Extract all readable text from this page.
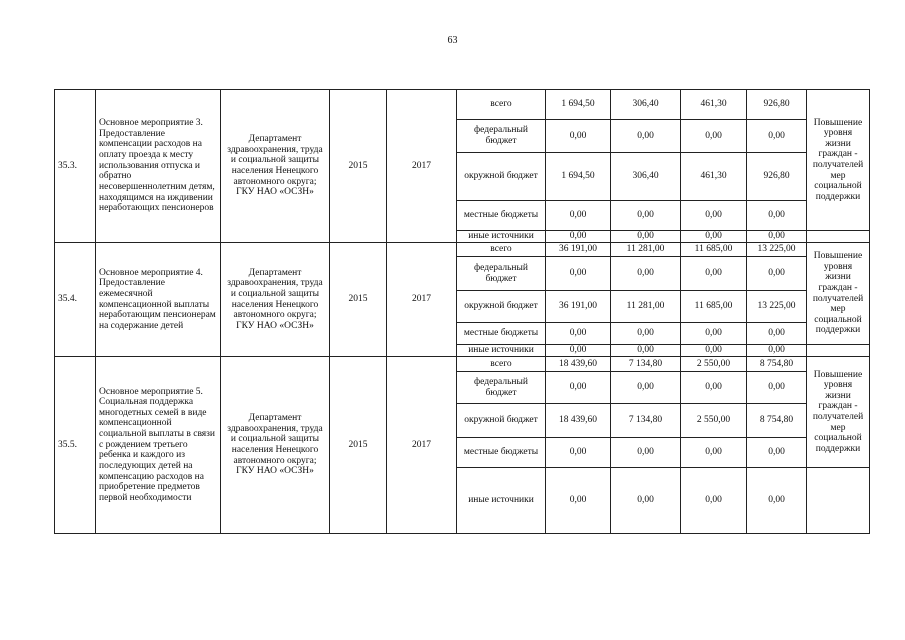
63
35.3.	Основное мероприятие 3. Предоставление компенсации расходов на оплату проезда к месту использования отпуска и обратно несовершеннолетним детям, находящимся на иждивении неработающих пенсионеров	Департамент здравоохранения, труда и социальной защиты населения Ненецкого автономного округа; ГКУ НАО «ОСЗН»	2015	2017	всего	1 694,50	306,40	461,30	926,80	Повышение уровня жизни граждан - получателей мер социальной поддержки
					федеральный бюджет	0,00	0,00	0,00	0,00	
					окружной бюджет	1 694,50	306,40	461,30	926,80	
					местные бюджеты	0,00	0,00	0,00	0,00	
					иные источники	0,00	0,00	0,00	0,00	
35.4.	Основное мероприятие 4. Предоставление ежемесячной компенсационной выплаты неработающим пенсионерам на содержание детей	Департамент здравоохранения, труда и социальной защиты населения Ненецкого автономного округа; ГКУ НАО «ОСЗН»	2015	2017	всего	36 191,00	11 281,00	11 685,00	13 225,00	Повышение уровня жизни граждан - получателей мер социальной поддержки
					федеральный бюджет	0,00	0,00	0,00	0,00	
					окружной бюджет	36 191,00	11 281,00	11 685,00	13 225,00	
					местные бюджеты	0,00	0,00	0,00	0,00	
					иные источники	0,00	0,00	0,00	0,00	
35.5.	Основное мероприятие 5. Социальная поддержка многодетных семей в виде компенсационной социальной выплаты в связи с рождением третьего ребенка и каждого из последующих детей на компенсацию расходов на приобретение предметов первой необходимости	Департамент здравоохранения, труда и социальной защиты населения Ненецкого автономного округа; ГКУ НАО «ОСЗН»	2015	2017	всего	18 439,60	7 134,80	2 550,00	8 754,80	Повышение уровня жизни граждан - получателей мер социальной поддержки
					федеральный бюджет	0,00	0,00	0,00	0,00	
					окружной бюджет	18 439,60	7 134,80	2 550,00	8 754,80	
					местные бюджеты	0,00	0,00	0,00	0,00	
					иные источники	0,00	0,00	0,00	0,00	
